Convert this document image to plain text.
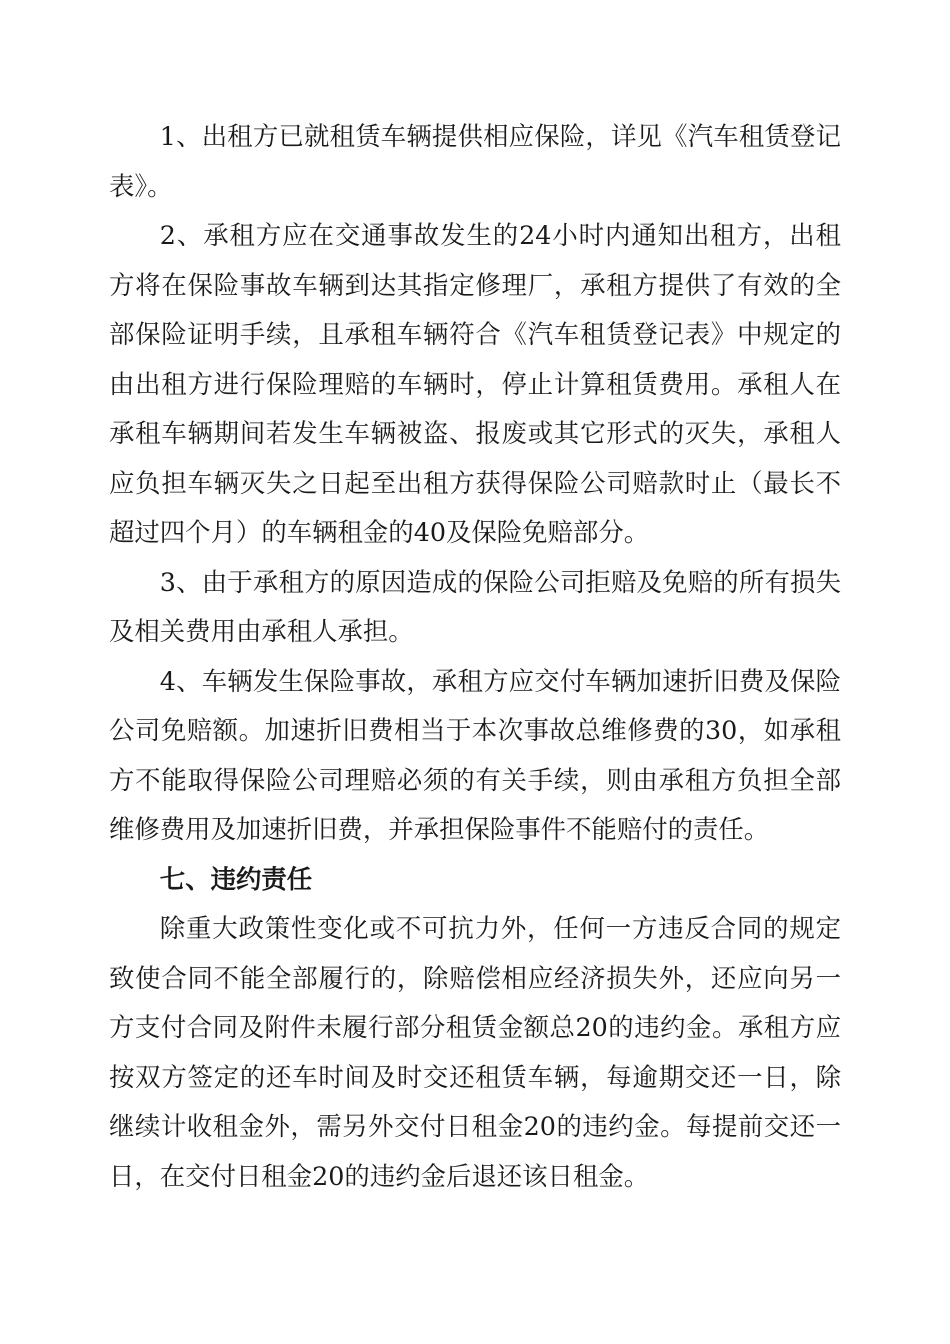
1、出租方已就租赁车辆提供相应保险，详见《汽车租赁登记表》。

2、承租方应在交通事故发生的24小时内通知出租方，出租方将在保险事故车辆到达其指定修理厂，承租方提供了有效的全部保险证明手续，且承租车辆符合《汽车租赁登记表》中规定的由出租方进行保险理赔的车辆时，停止计算租赁费用。承租人在承租车辆期间若发生车辆被盗、报废或其它形式的灭失，承租人应负担车辆灭失之日起至出租方获得保险公司赔款时止（最长不超过四个月）的车辆租金的40及保险免赔部分。

3、由于承租方的原因造成的保险公司拒赔及免赔的所有损失及相关费用由承租人承担。

4、车辆发生保险事故，承租方应交付车辆加速折旧费及保险公司免赔额。加速折旧费相当于本次事故总维修费的30，如承租方不能取得保险公司理赔必须的有关手续，则由承租方负担全部维修费用及加速折旧费，并承担保险事件不能赔付的责任。

七、违约责任

除重大政策性变化或不可抗力外，任何一方违反合同的规定致使合同不能全部履行的，除赔偿相应经济损失外，还应向另一方支付合同及附件未履行部分租赁金额总20的违约金。承租方应按双方签定的还车时间及时交还租赁车辆，每逾期交还一日，除继续计收租金外，需另外交付日租金20的违约金。每提前交还一日，在交付日租金20的违约金后退还该日租金。
